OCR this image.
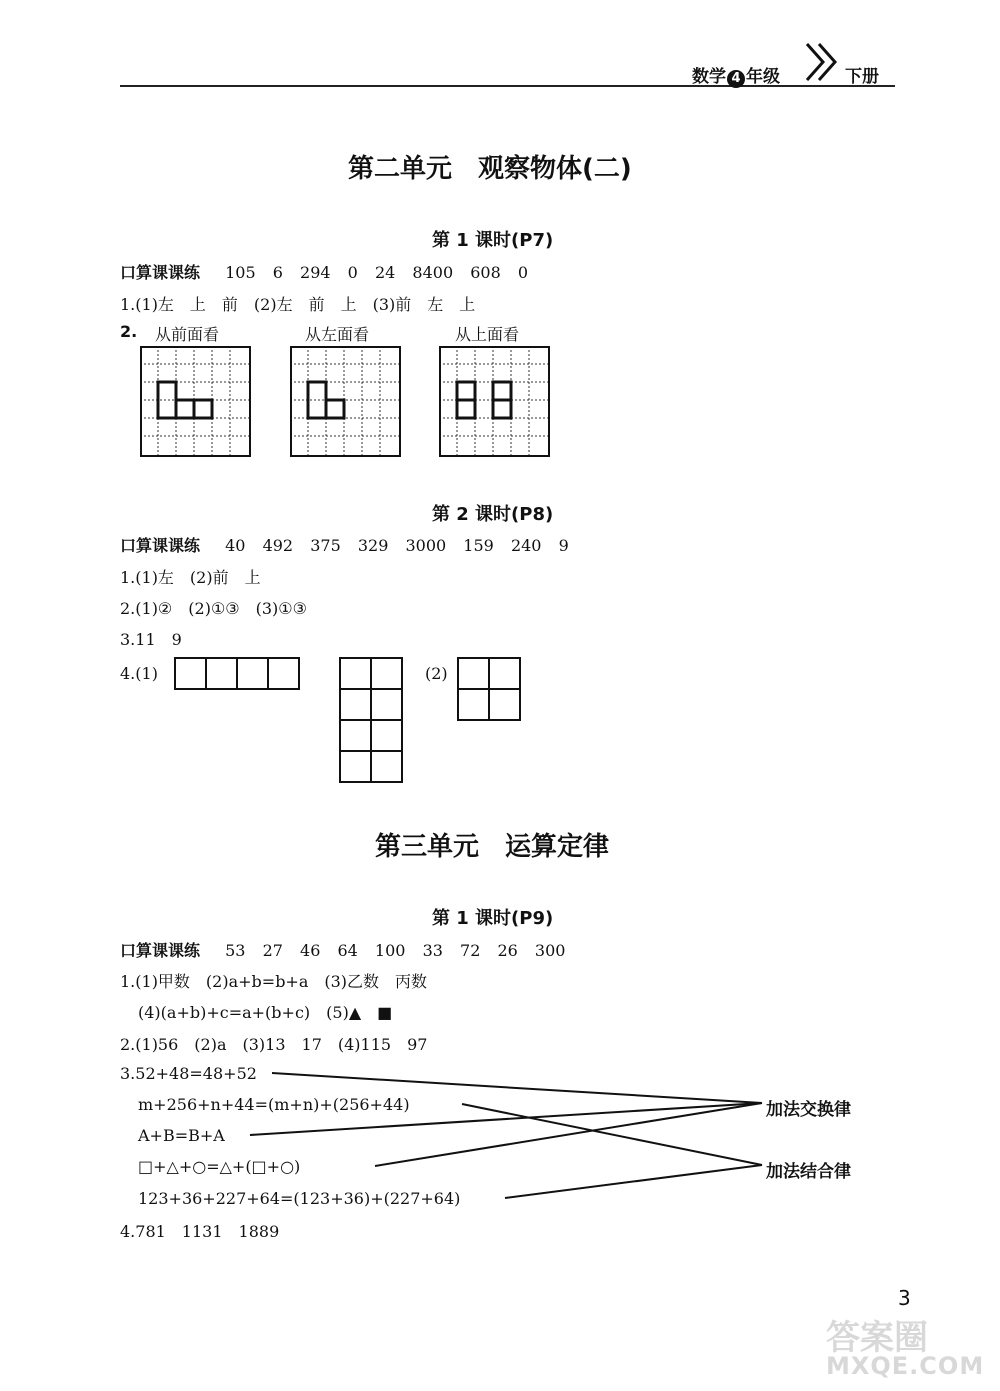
数学 4 年级	下册
第二单元　观察物体(二)
第 1 课时(P7)
口算课课练 105 6 294 0 24 8400 608 0
1.(1)左　上　前　(2)左　前　上　(3)前　左　上
2. 从前面看	从左面看	从上面看
第 2 课时(P8)
口算课课练 40 492 375 329 3000 159 240 9
1.(1)左　(2)前　上
2.(1)②　(2)①③　(3)①③
3.11　9
4.(1)	(2)
第三单元　运算定律
第 1 课时(P9)
口算课课练 53 27 46 64 100 33 72 26 300
1.(1)甲数　(2)a+b=b+a　(3)乙数　丙数
(4)(a+b)+c=a+(b+c)　(5)▲　■
2.(1)56　(2)a　(3)13　17　(4)115　97
3.52+48=48+52
m+256+n+44=(m+n)+(256+44)
A+B=B+A
□+△+○=△+(□+○)
123+36+227+64=(123+36)+(227+64)
加法交换律
加法结合律
4.781　1131　1889
3
答案圈
MXQE.COM
